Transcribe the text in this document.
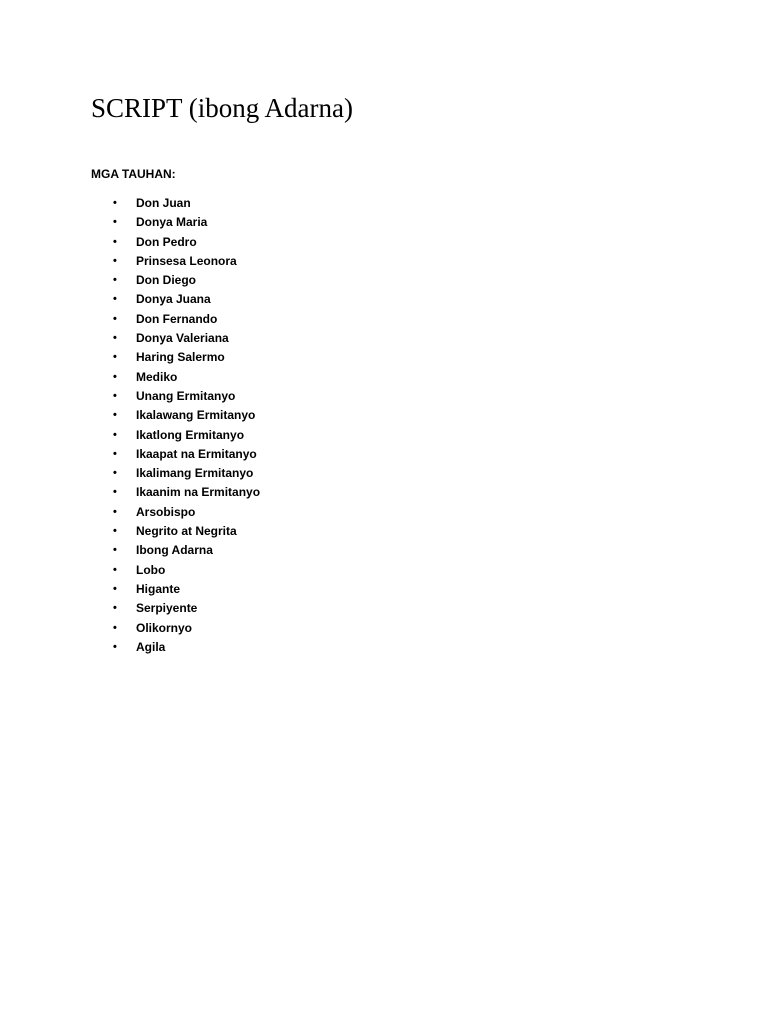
SCRIPT (ibong Adarna)
MGA TAUHAN:
• Don Juan
• Donya Maria
• Don Pedro
• Prinsesa Leonora
• Don Diego
• Donya Juana
• Don Fernando
• Donya Valeriana
• Haring Salermo
• Mediko
• Unang Ermitanyo
• Ikalawang Ermitanyo
• Ikatlong Ermitanyo
• Ikaapat na Ermitanyo
• Ikalimang Ermitanyo
• Ikaanim na Ermitanyo
• Arsobispo
• Negrito at Negrita
• Ibong Adarna
• Lobo
• Higante
• Serpiyente
• Olikornyo
• Agila
